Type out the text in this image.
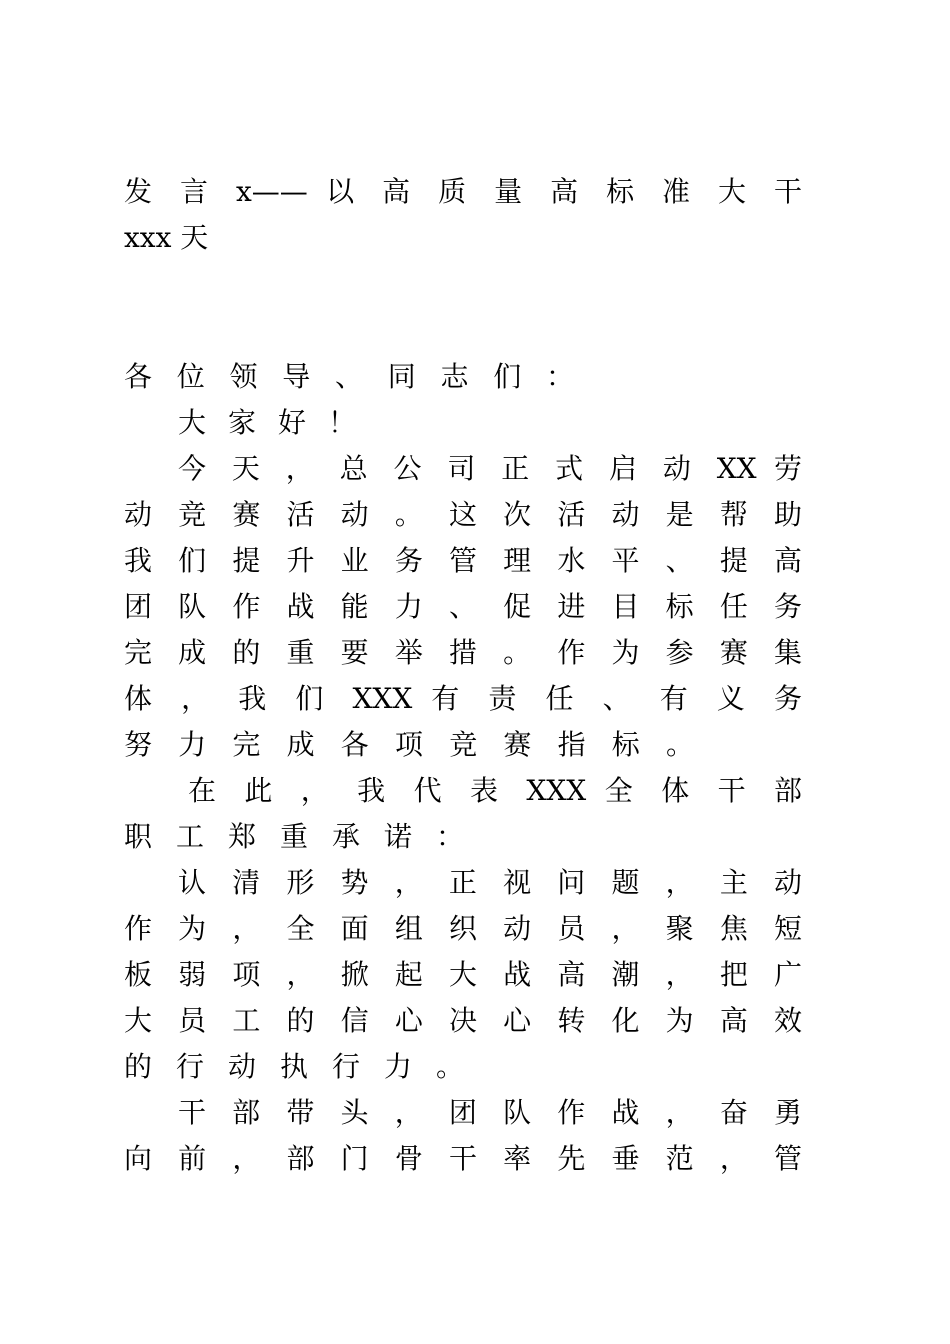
发 言 x—— 以 高 质 量 高 标 准 大 干
xxx 天
各 位 领 导 、 同 志 们 ：
大 家 好 ！
今 天 ， 总 公 司 正 式 启 动 XX 劳
动 竞 赛 活 动 。 这 次 活 动 是 帮 助
我 们 提 升 业 务 管 理 水 平 、 提 高
团 队 作 战 能 力 、 促 进 目 标 任 务
完 成 的 重 要 举 措 。 作 为 参 赛 集
体 ， 我 们 XXX 有 责 任 、 有 义 务
努 力 完 成 各 项 竞 赛 指 标 。
在 此 ， 我 代 表 XXX 全 体 干 部
职 工 郑 重 承 诺 ：
认 清 形 势 ， 正 视 问 题 ， 主 动
作 为 ， 全 面 组 织 动 员 ， 聚 焦 短
板 弱 项 ， 掀 起 大 战 高 潮 ， 把 广
大 员 工 的 信 心 决 心 转 化 为 高 效
的 行 动 执 行 力 。
干 部 带 头 ， 团 队 作 战 ， 奋 勇
向 前 ， 部 门 骨 干 率 先 垂 范 ， 管
